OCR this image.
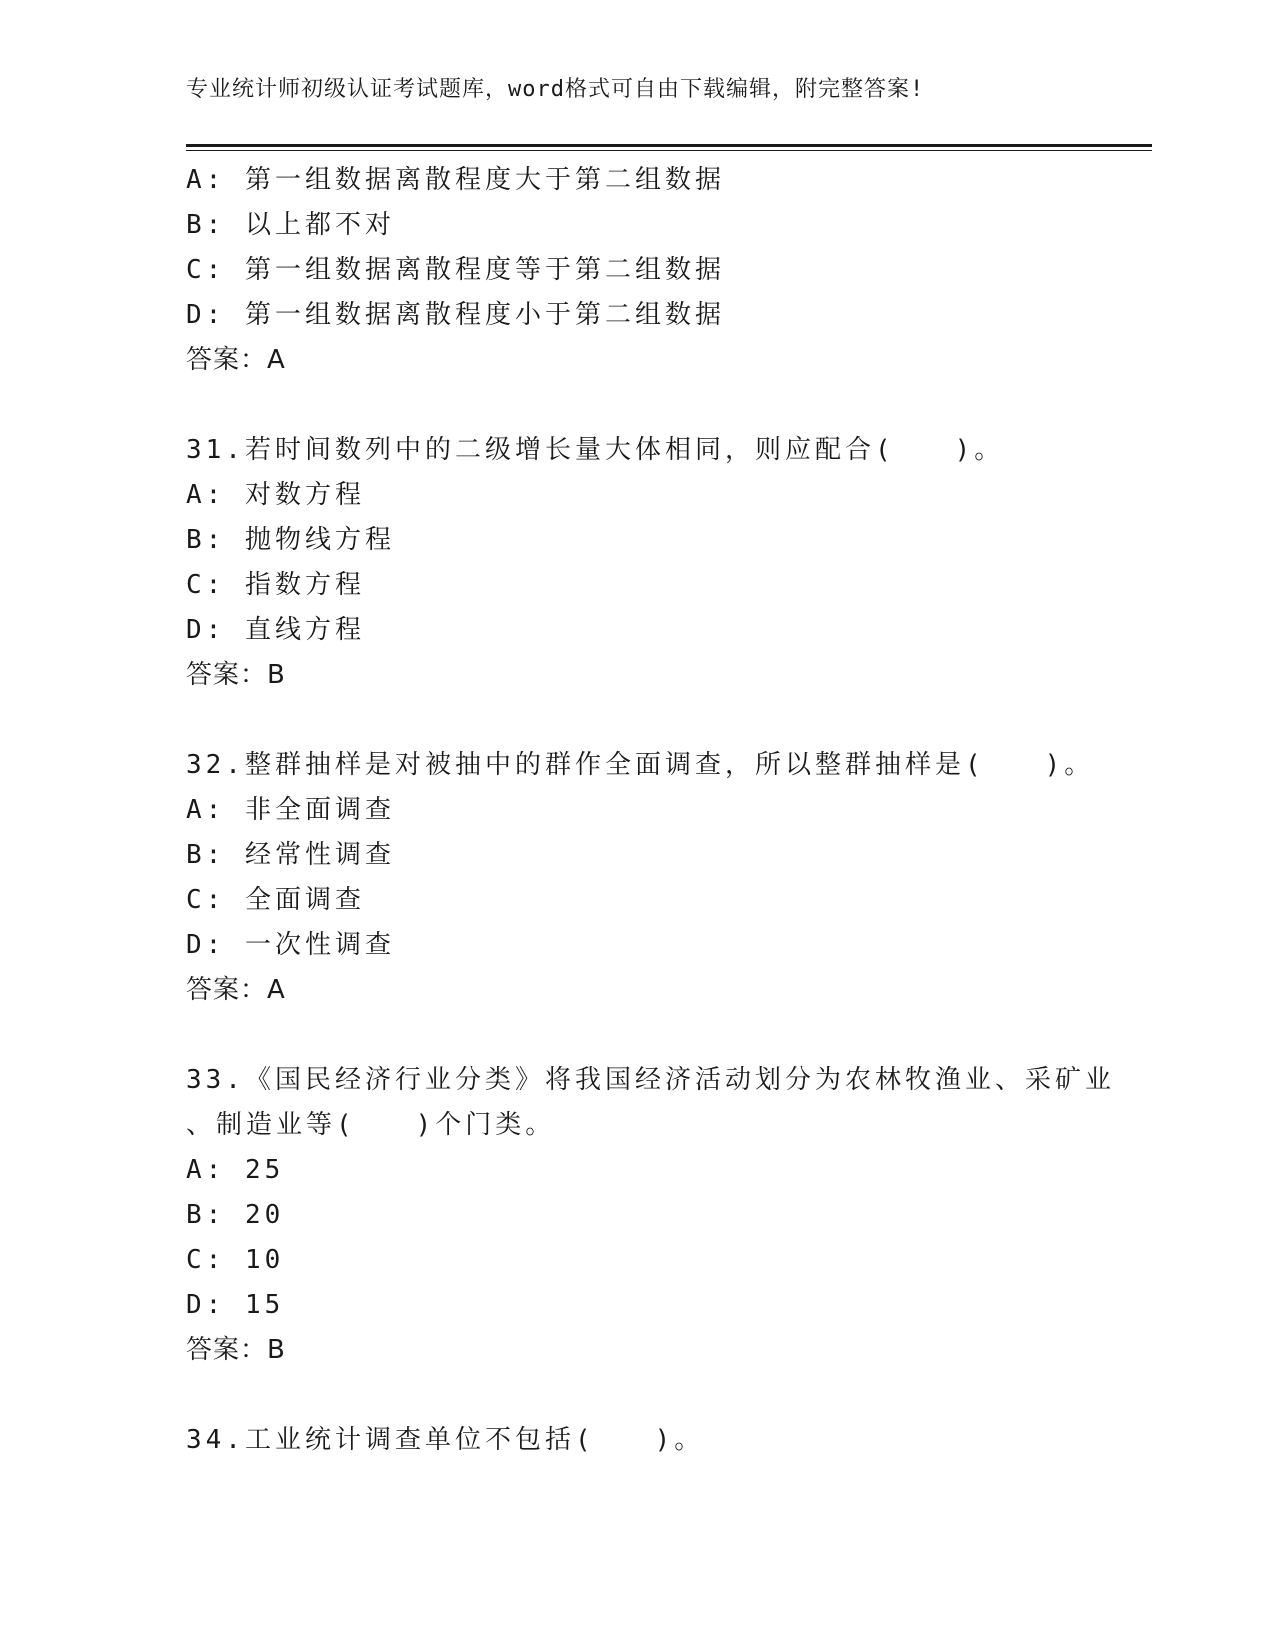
专业统计师初级认证考试题库，word格式可自由下载编辑，附完整答案!
A: 第一组数据离散程度大于第二组数据
B: 以上都不对
C: 第一组数据离散程度等于第二组数据
D: 第一组数据离散程度小于第二组数据
答案：A
31.若时间数列中的二级增长量大体相同，则应配合(　　)。
A: 对数方程
B: 抛物线方程
C: 指数方程
D: 直线方程
答案：B
32.整群抽样是对被抽中的群作全面调查，所以整群抽样是(　　)。
A: 非全面调查
B: 经常性调查
C: 全面调查
D: 一次性调查
答案：A
33.《国民经济行业分类》将我国经济活动划分为农林牧渔业、采矿业
、制造业等(　　)个门类。
A: 25
B: 20
C: 10
D: 15
答案：B
34.工业统计调查单位不包括(　　)。
